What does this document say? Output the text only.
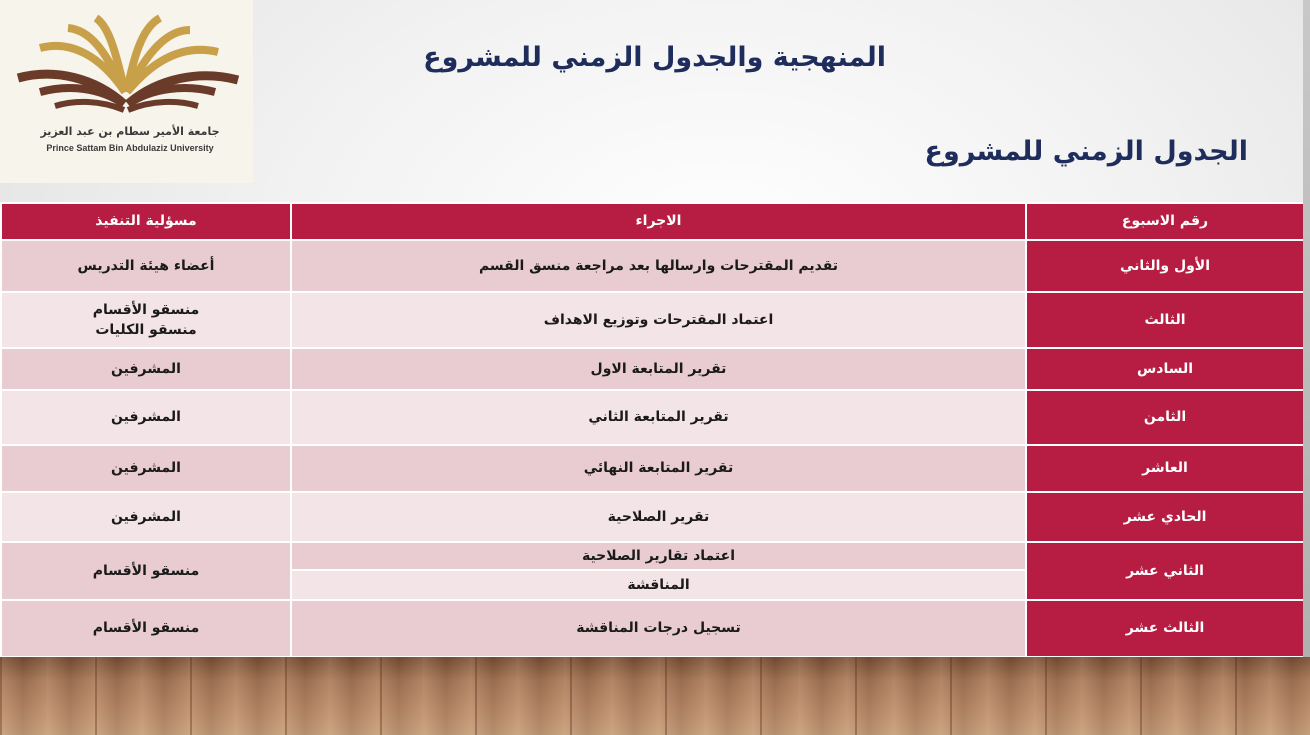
جامعة الأمير سطام بن عبد العزيز
Prince Sattam Bin Abdulaziz University
المنهجية والجدول الزمني للمشروع
الجدول الزمني للمشروع
رقم الاسبوع	الاجراء	مسؤلية التنفيذ
الأول والثاني	تقديم المقترحات وارسالها بعد مراجعة منسق القسم	أعضاء هيئة التدريس
الثالث	اعتماد المقترحات وتوزيع الاهداف	منسقو الأقسام
منسقو الكليات

السادس	تقرير المتابعة الاول	المشرفين
الثامن	تقرير المتابعة الثاني	المشرفين
العاشر	تقرير المتابعة النهائي	المشرفين
الحادي عشر	تقرير الصلاحية	المشرفين
الثاني عشر	اعتماد تقارير الصلاحية	منسقو الأقسام
	المناقشة	
الثالث عشر	تسجيل درجات المناقشة	منسقو الأقسام
